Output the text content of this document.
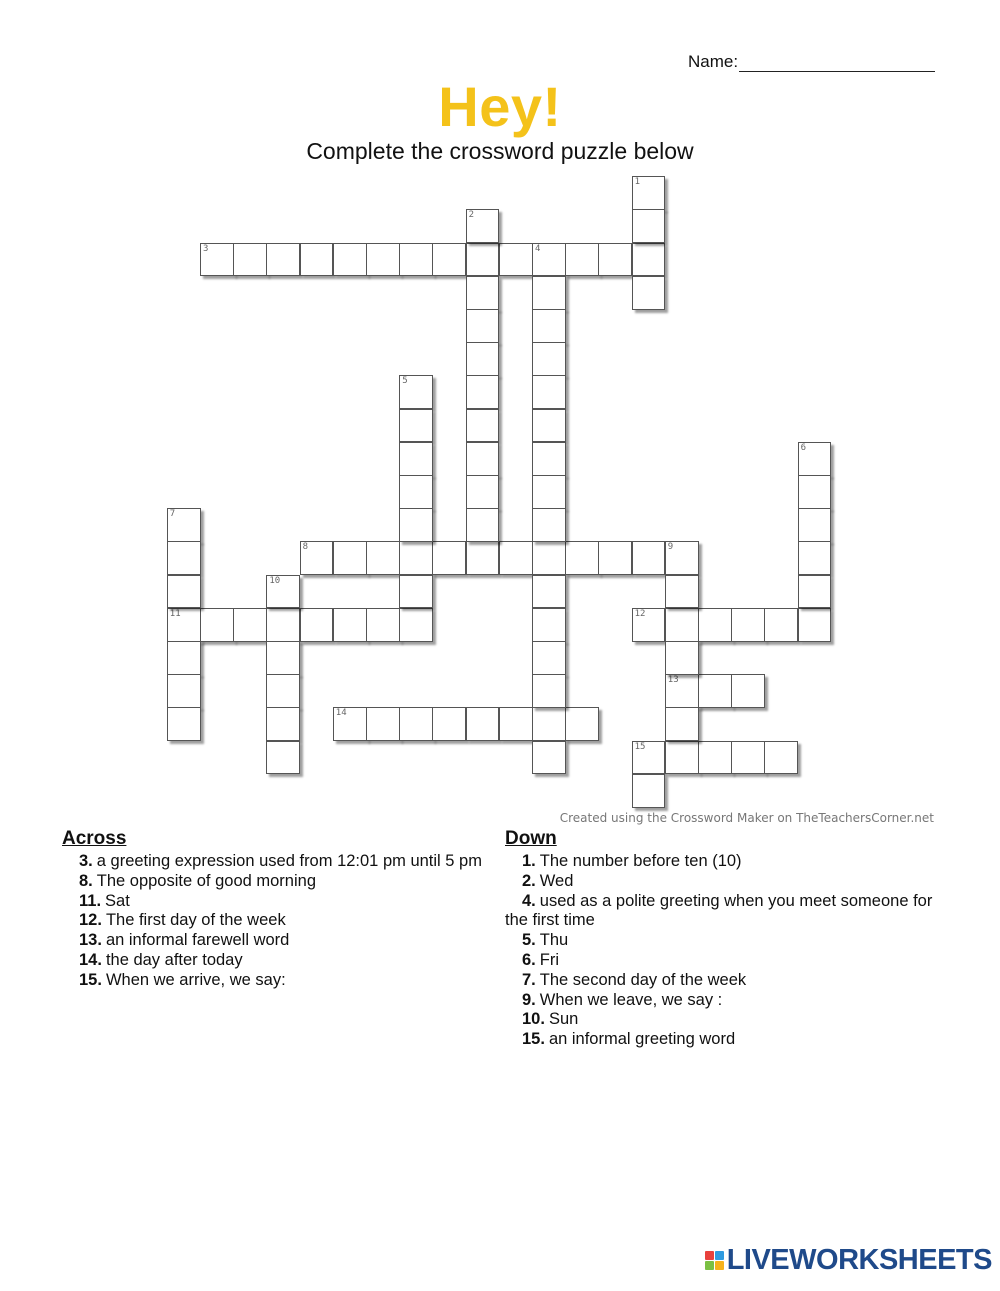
Name:
Hey!
Complete the crossword puzzle below
3	4
8	9
11	12
13
14
15
1
2
5
6
7
10
Created using the Crossword Maker on TheTeachersCorner.net
Across
3. a greeting expression used from 12:01 pm until 5 pm
8. The opposite of good morning
11. Sat
12. The first day of the week
13. an informal farewell word
14. the day after today
15. When we arrive, we say:
Down
1. The number before ten (10)
2. Wed
4. used as a polite greeting when you meet someone for the first time
5. Thu
6. Fri
7. The second day of the week
9. When we leave, we say :
10. Sun
15. an informal greeting word
LIVEWORKSHEETS
